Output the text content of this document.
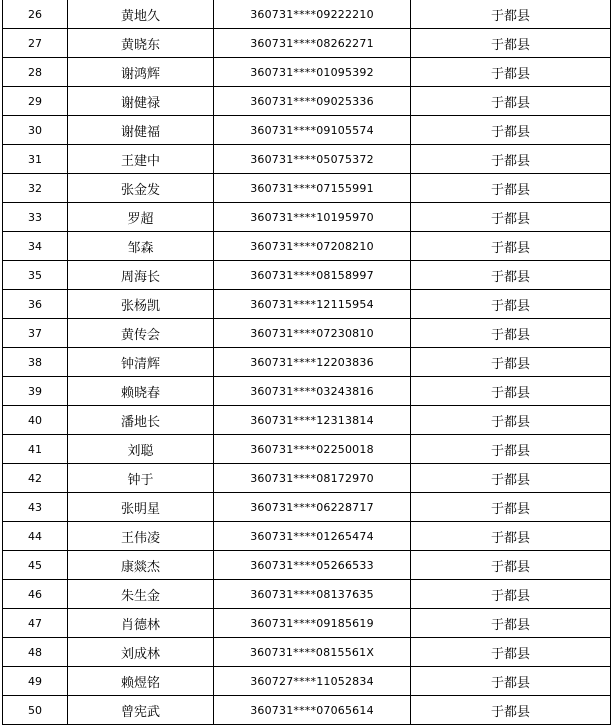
26	黄地久	360731****09222210	于都县
27	黄晓东	360731****08262271	于都县
28	谢鸿辉	360731****01095392	于都县
29	谢健禄	360731****09025336	于都县
30	谢健福	360731****09105574	于都县
31	王建中	360731****05075372	于都县
32	张金发	360731****07155991	于都县
33	罗超	360731****10195970	于都县
34	邹森	360731****07208210	于都县
35	周海长	360731****08158997	于都县
36	张杨凯	360731****12115954	于都县
37	黄传会	360731****07230810	于都县
38	钟清辉	360731****12203836	于都县
39	赖晓春	360731****03243816	于都县
40	潘地长	360731****12313814	于都县
41	刘聪	360731****02250018	于都县
42	钟于	360731****08172970	于都县
43	张明星	360731****06228717	于都县
44	王伟凌	360731****01265474	于都县
45	康燚杰	360731****05266533	于都县
46	朱生金	360731****08137635	于都县
47	肖德林	360731****09185619	于都县
48	刘成林	360731****0815561X	于都县
49	赖煜铭	360727****11052834	于都县
50	曾宪武	360731****07065614	于都县
